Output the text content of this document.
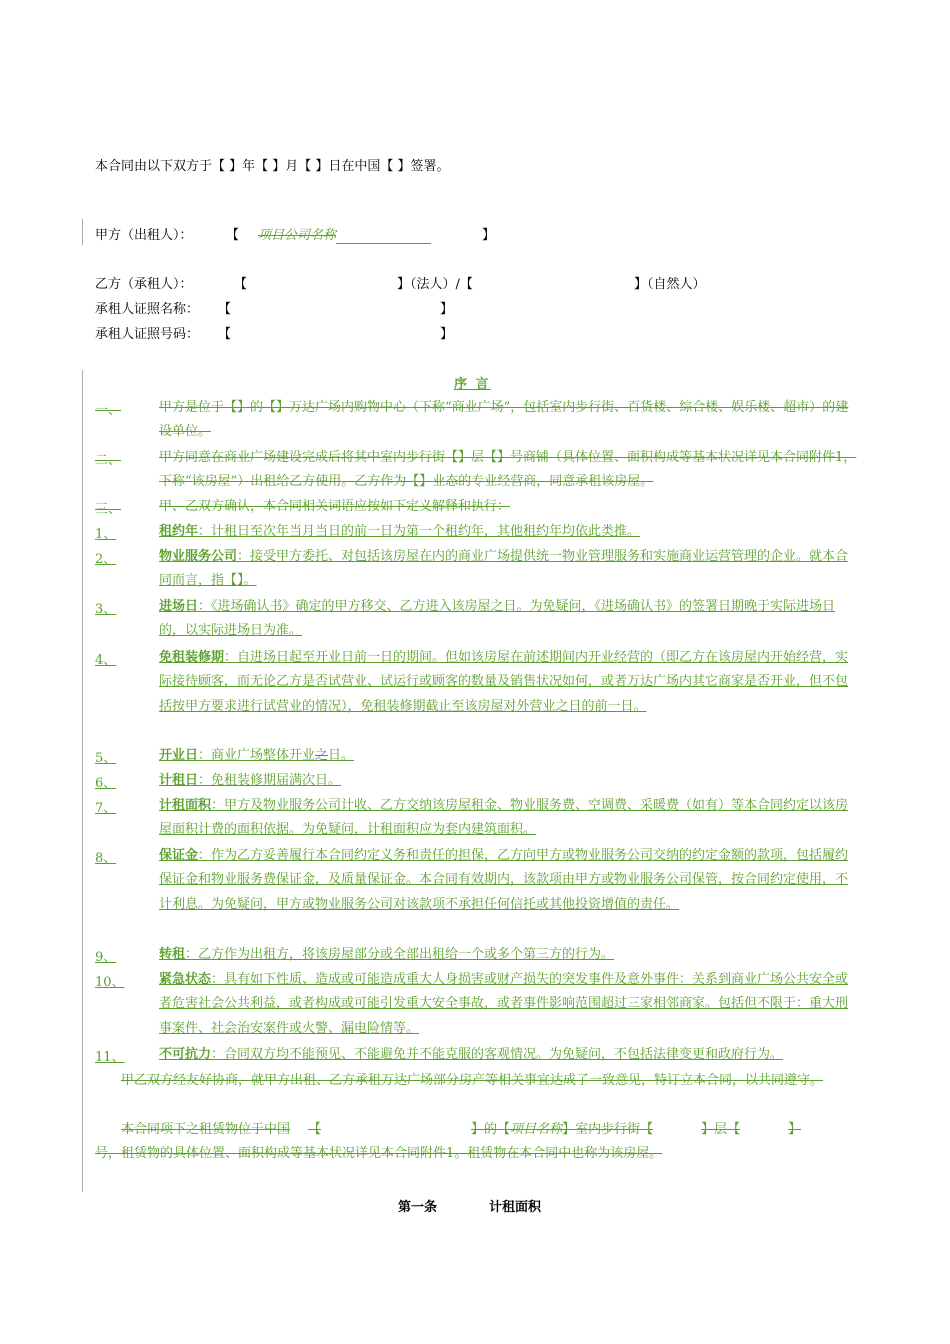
本合同由以下双方于【 】年【 】月【 】日在中国【 】签署。
甲方（出租人）：	【 项目公司名称	】
乙方（承租人）：	【	】（法人）/【	】（自然人）
承租人证照名称： 【	】
承租人证照号码： 【	】
序 言
一、	甲方是位于【】的【】万达广场内购物中心（下称“商业广场”，包括室内步行街、百货楼、综合楼、娱乐楼、超市）的建设单位。
二、	甲方同意在商业广场建设完成后将其中室内步行街【】层【】号商铺（具体位置、面积构成等基本状况详见本合同附件1，下称“该房屋”）出租给乙方使用。乙方作为【】业态的专业经营商，同意承租该房屋。
三、	甲、乙双方确认，本合同相关词语应按如下定义解释和执行：
1、	租约年：计租日至次年当月当日的前一日为第一个租约年，其他租约年均依此类推。
2、	物业服务公司：接受甲方委托、对包括该房屋在内的商业广场提供统一物业管理服务和实施商业运营管理的企业。就本合同而言，指【】。
3、	进场日：《进场确认书》确定的甲方移交、乙方进入该房屋之日。为免疑问，《进场确认书》的签署日期晚于实际进场日的，以实际进场日为准。
4、	免租装修期：自进场日起至开业日前一日的期间。但如该房屋在前述期间内开业经营的（即乙方在该房屋内开始经营，实际接待顾客，而无论乙方是否试营业、试运行或顾客的数量及销售状况如何，或者万达广场内其它商家是否开业，但不包括按甲方要求进行试营业的情况），免租装修期截止至该房屋对外营业之日的前一日。
5、	开业日：商业广场整体开业之日。
6、	计租日：免租装修期届满次日。
7、	计租面积：甲方及物业服务公司计收、乙方交纳该房屋租金、物业服务费、空调费、采暖费（如有）等本合同约定以该房屋面积计费的面积依据。为免疑问，计租面积应为套内建筑面积。
8、	保证金：作为乙方妥善履行本合同约定义务和责任的担保，乙方向甲方或物业服务公司交纳的约定金额的款项，包括履约保证金和物业服务费保证金，及质量保证金。本合同有效期内，该款项由甲方或物业服务公司保管，按合同约定使用，不计利息。为免疑问，甲方或物业服务公司对该款项不承担任何信托或其他投资增值的责任。
9、	转租：乙方作为出租方，将该房屋部分或全部出租给一个或多个第三方的行为。
10、	紧急状态：具有如下性质、造成或可能造成重大人身损害或财产损失的突发事件及意外事件：关系到商业广场公共安全或者危害社会公共利益，或者构成或可能引发重大安全事故，或者事件影响范围超过三家相邻商家。包括但不限于：重大刑事案件、社会治安案件或火警、漏电险情等。
11、	不可抗力：合同双方均不能预见、不能避免并不能克服的客观情况。为免疑问，不包括法律变更和政府行为。
甲乙双方经友好协商，就甲方出租、乙方承租万达广场部分房产等相关事宜达成了一致意见，特订立本合同，以共同遵守。
本合同项下之租赁物位于中国 【	】的【项目名称】室内步行街【	】层【	】
号，租赁物的具体位置、面积构成等基本状况详见本合同附件1。租赁物在本合同中也称为该房屋。
第一条	计租面积
